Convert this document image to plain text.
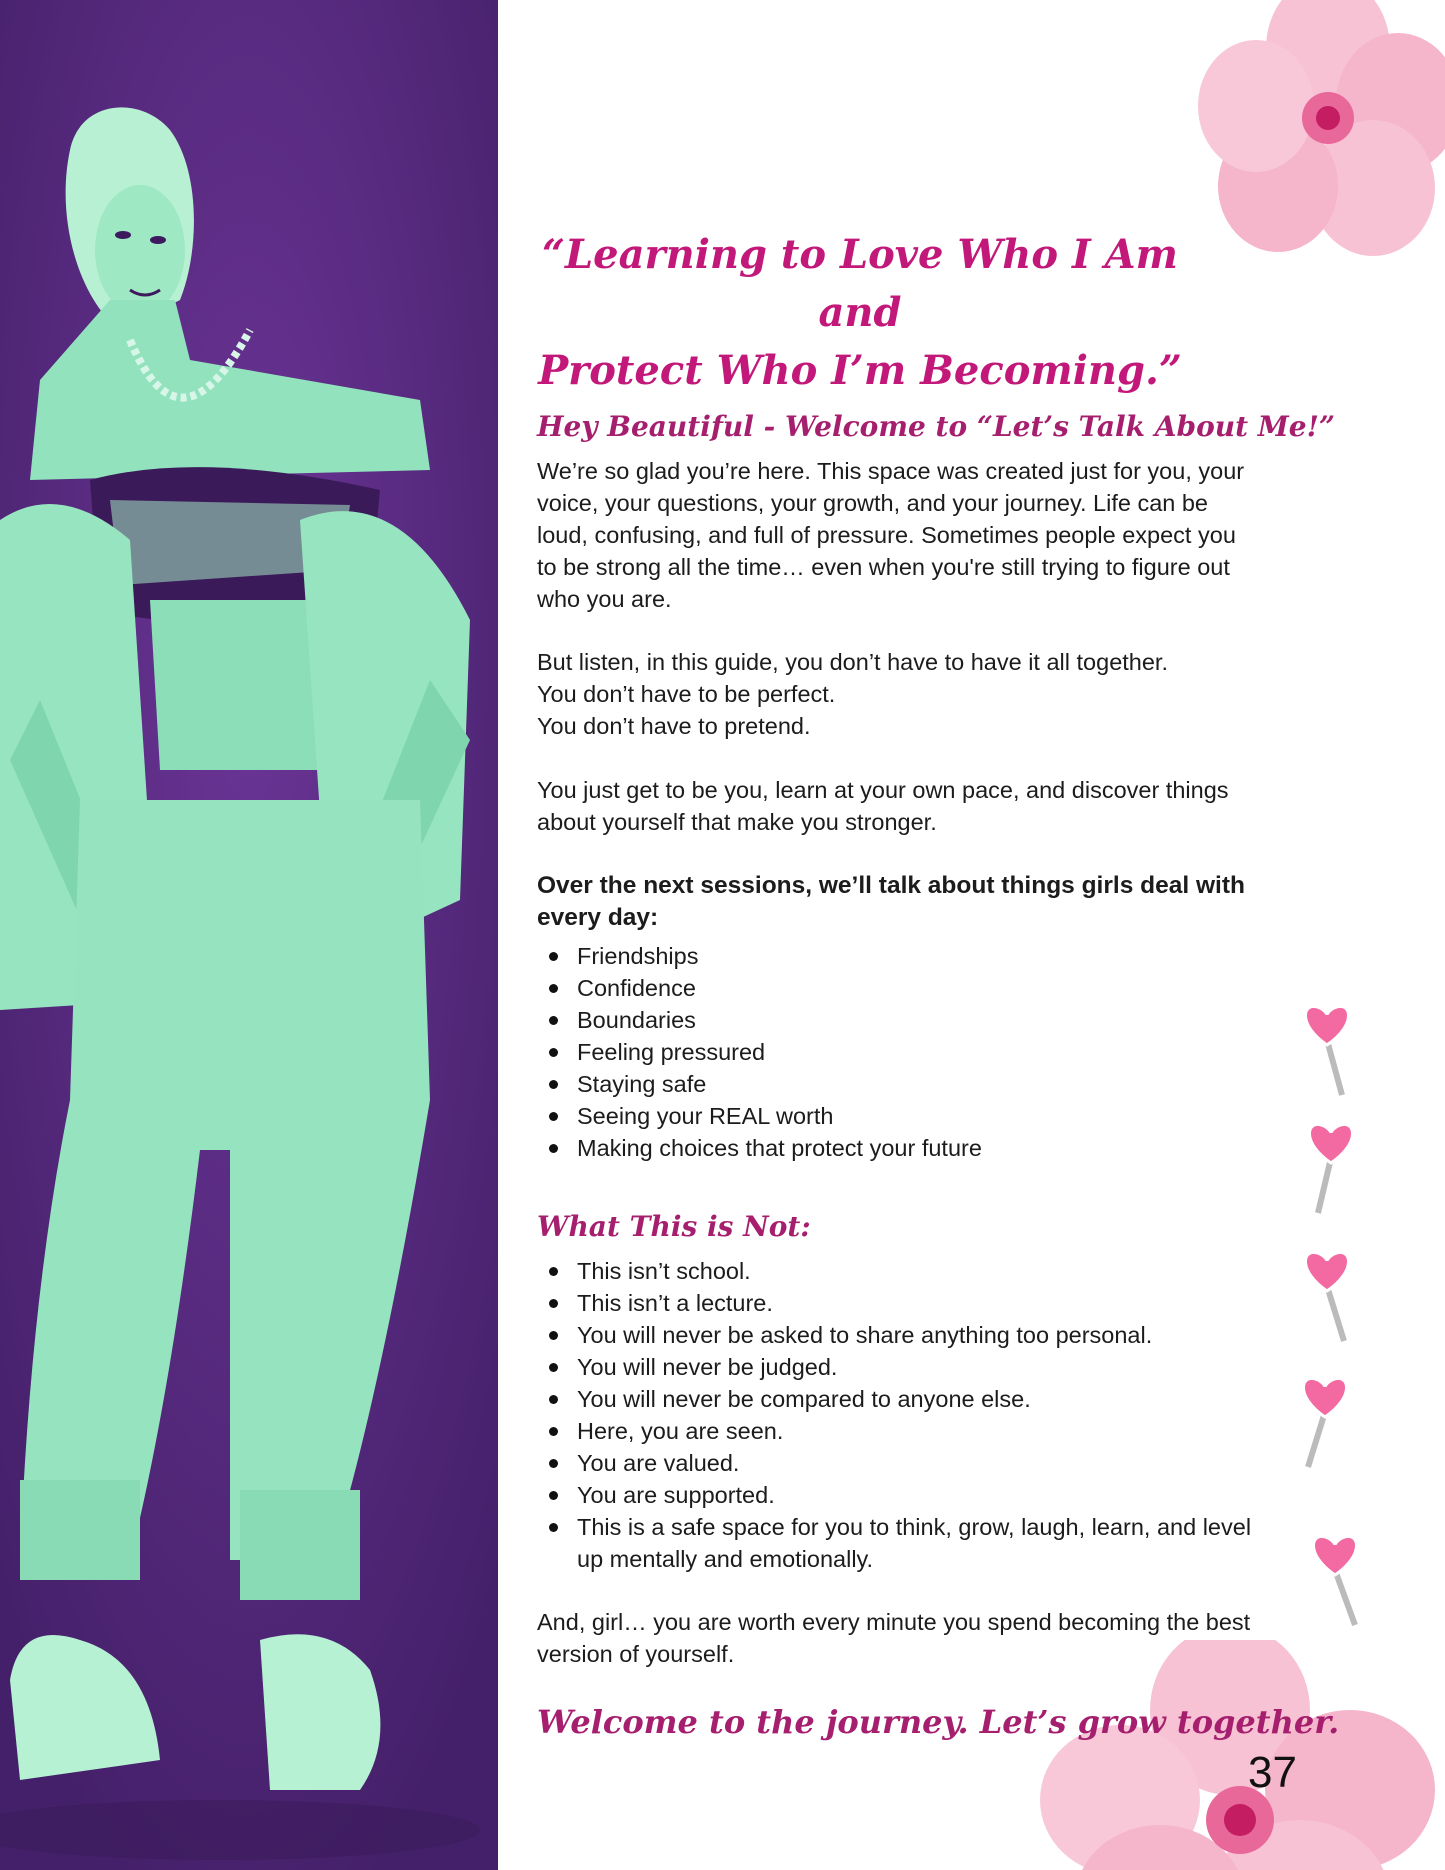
“Learning to Love Who I Am and
Protect Who I’m Becoming.”
Hey Beautiful - Welcome to “Let’s Talk About Me!”
We’re so glad you’re here. This space was created just for you, your
voice, your questions, your growth, and your journey. Life can be
loud, confusing, and full of pressure. Sometimes people expect you
to be strong all the time… even when you're still trying to figure out
who you are.
But listen, in this guide, you don’t have to have it all together.
You don’t have to be perfect.
You don’t have to pretend.
You just get to be you, learn at your own pace, and discover things
about yourself that make you stronger.
Over the next sessions, we’ll talk about things girls deal with
every day:
Friendships
Confidence
Boundaries
Feeling pressured
Staying safe
Seeing your REAL worth
Making choices that protect your future
What This is Not:
This isn’t school.
This isn’t a lecture.
You will never be asked to share anything too personal.
You will never be judged.
You will never be compared to anyone else.
Here, you are seen.
You are valued.
You are supported.
This is a safe space for you to think, grow, laugh, learn, and level
up mentally and emotionally.
And, girl… you are worth every minute you spend becoming the best
version of yourself.
Welcome to the journey. Let’s grow together.
37
